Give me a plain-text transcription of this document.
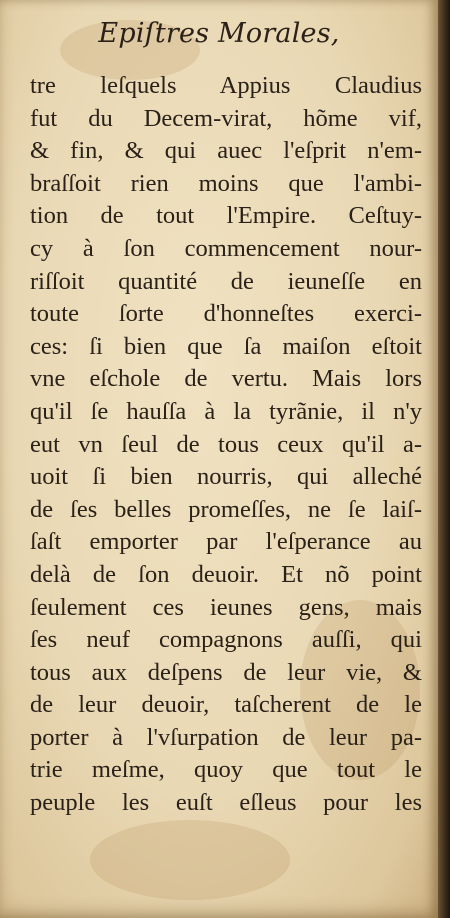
Epiſtres Morales,
tre leſquels Appius Claudius
fut du Decem-virat, hõme vif,
& fin, & qui auec l'eſprit n'em-
braſſoit rien moins que l'ambi-
tion de tout l'Empire. Ceſtuy-
cy à ſon commencement nour-
riſſoit quantité de ieuneſſe en
toute ſorte d'honneſtes exerci-
ces: ſi bien que ſa maiſon eſtoit
vne eſchole de vertu. Mais lors
qu'il ſe hauſſa à la tyrãnie, il n'y
eut vn ſeul de tous ceux qu'il a-
uoit ſi bien nourris, qui alleché
de ſes belles promeſſes, ne ſe laiſ-
ſaſt emporter par l'eſperance au
delà de ſon deuoir. Et nõ point
ſeulement ces ieunes gens, mais
ſes neuf compagnons auſſi, qui
tous aux deſpens de leur vie, &
de leur deuoir, taſcherent de le
porter à l'vſurpation de leur pa-
trie meſme, quoy que tout le
peuple les euſt eſleus pour les
